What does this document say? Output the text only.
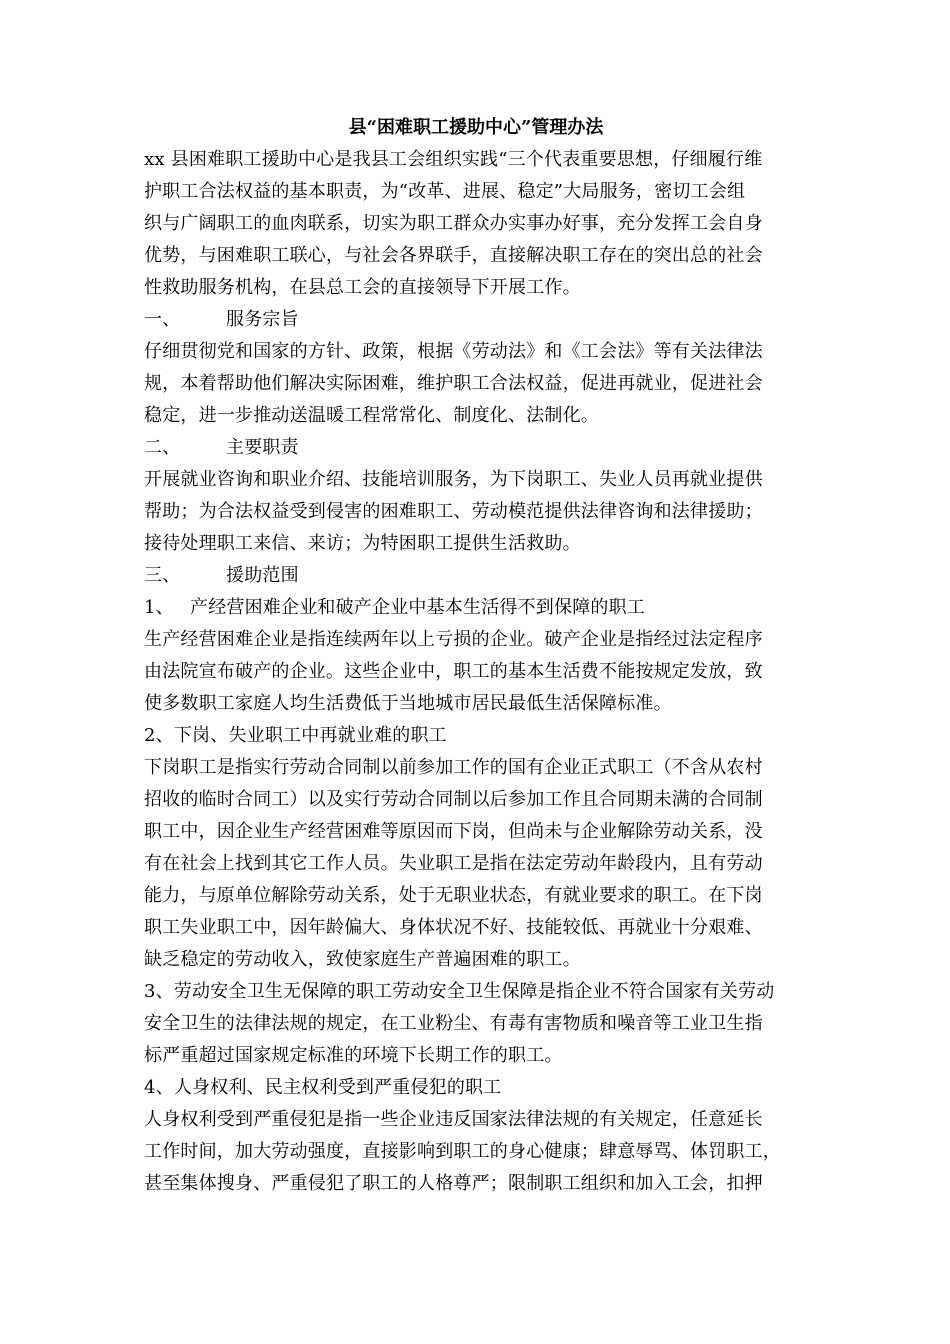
县“困难职工援助中心”管理办法

xx 县困难职工援助中心是我县工会组织实践“三个代表重要思想，仔细履行维

护职工合法权益的基本职责，为“改革、进展、稳定”大局服务，密切工会组

织与广阔职工的血肉联系，切实为职工群众办实事办好事，充分发挥工会自身

优势，与困难职工联心，与社会各界联手，直接解决职工存在的突出总的社会

性救助服务机构，在县总工会的直接领导下开展工作。

一、	服务宗旨

仔细贯彻党和国家的方针、政策，根据《劳动法》和《工会法》等有关法律法

规，本着帮助他们解决实际困难，维护职工合法权益，促进再就业，促进社会

稳定，进一步推动送温暖工程常常化、制度化、法制化。

二、	主要职责

开展就业咨询和职业介绍、技能培训服务，为下岗职工、失业人员再就业提供

帮助；为合法权益受到侵害的困难职工、劳动模范提供法律咨询和法律援助；

接待处理职工来信、来访；为特困职工提供生活救助。

三、	援助范围

1、 产经营困难企业和破产企业中基本生活得不到保障的职工

生产经营困难企业是指连续两年以上亏损的企业。破产企业是指经过法定程序

由法院宣布破产的企业。这些企业中，职工的基本生活费不能按规定发放，致

使多数职工家庭人均生活费低于当地城市居民最低生活保障标准。

2、下岗、失业职工中再就业难的职工

下岗职工是指实行劳动合同制以前参加工作的国有企业正式职工（不含从农村

招收的临时合同工）以及实行劳动合同制以后参加工作且合同期未满的合同制

职工中，因企业生产经营困难等原因而下岗，但尚未与企业解除劳动关系，没

有在社会上找到其它工作人员。失业职工是指在法定劳动年龄段内，且有劳动

能力，与原单位解除劳动关系，处于无职业状态，有就业要求的职工。在下岗

职工失业职工中，因年龄偏大、身体状况不好、技能较低、再就业十分艰难、

缺乏稳定的劳动收入，致使家庭生产普遍困难的职工。

3、劳动安全卫生无保障的职工劳动安全卫生保障是指企业不符合国家有关劳动

安全卫生的法律法规的规定，在工业粉尘、有毒有害物质和噪音等工业卫生指

标严重超过国家规定标准的环境下长期工作的职工。

4、人身权利、民主权利受到严重侵犯的职工

人身权利受到严重侵犯是指一些企业违反国家法律法规的有关规定，任意延长

工作时间，加大劳动强度，直接影响到职工的身心健康；肆意辱骂、体罚职工，

甚至集体搜身、严重侵犯了职工的人格尊严；限制职工组织和加入工会，扣押
